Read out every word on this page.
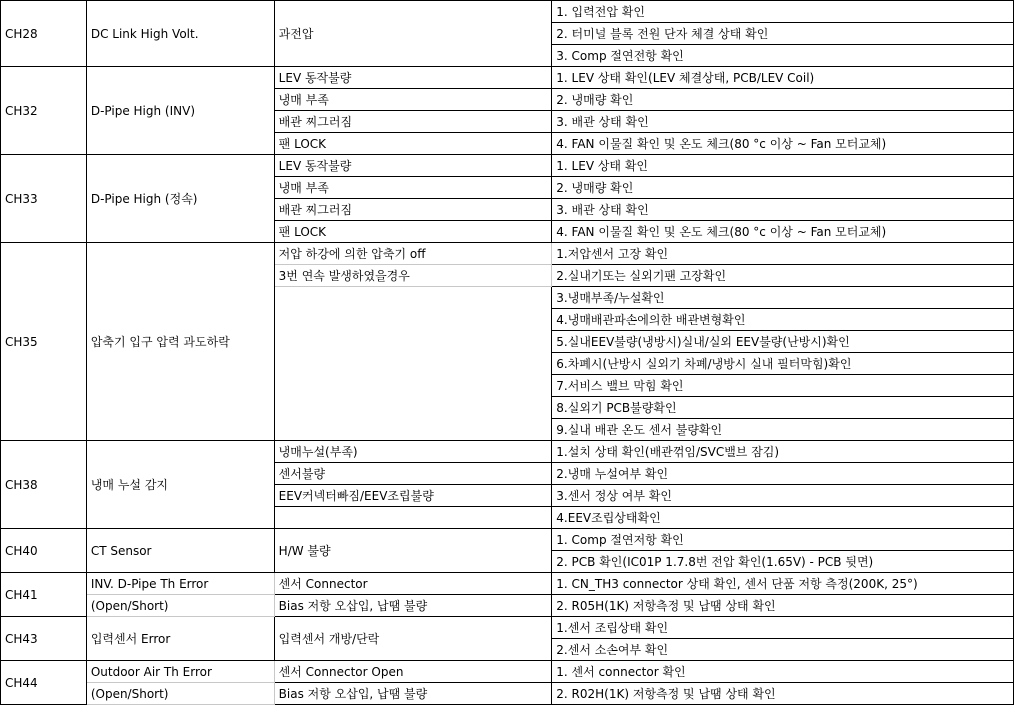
CH28	DC Link High Volt.	과전압	1. 입력전압 확인
			2. 터미널 블록 전원 단자 체결 상태 확인
			3. Comp 절연전항 확인
CH32	D-Pipe High (INV)	LEV 동작불량	1. LEV 상태 확인(LEV 체결상태, PCB/LEV Coil)
		냉매 부족	2. 냉매량 확인
		배관 찌그러짐	3. 배관 상태 확인
		팬 LOCK	4. FAN 이물질 확인 및 온도 체크(80 °c 이상 ~ Fan 모터교체)
CH33	D-Pipe High (정속)	LEV 동작불량	1. LEV 상태 확인
		냉매 부족	2. 냉매량 확인
		배관 찌그러짐	3. 배관 상태 확인
		팬 LOCK	4. FAN 이물질 확인 및 온도 체크(80 °c 이상 ~ Fan 모터교체)
CH35	압축기 입구 압력 과도하락	저압 하강에 의한 압축기 off	1.저압센서 고장 확인
		3번 연속 발생하였을경우	2.실내기또는 실외기팬 고장확인
			3.냉매부족/누설확인
			4.냉매배관파손에의한 배관변형확인
			5.실내EEV불량(냉방시)실내/실외 EEV불량(난방시)확인
			6.차폐시(난방시 실외기 차폐/냉방시 실내 필터막힘)확인
			7.서비스 밸브 막힘 확인
			8.실외기 PCB불량확인
			9.실내 배관 온도 센서 불량확인
CH38	냉매 누설 감지	냉매누설(부족)	1.설치 상태 확인(배관꺾임/SVC밸브 잠김)
		센서불량	2.냉매 누설여부 확인
		EEV커넥터빠짐/EEV조립불량	3.센서 정상 여부 확인
			4.EEV조립상태확인
CH40	CT Sensor	H/W 불량	1. Comp 절연저항 확인
			2. PCB 확인(IC01P 1.7.8번 전압 확인(1.65V) - PCB 뒷면)
CH41	INV. D-Pipe Th Error	센서 Connector	1. CN_TH3 connector 상태 확인, 센서 단품 저항 측정(200K, 25°)
	(Open/Short)	Bias 저항 오삽입, 납땜 불량	2. R05H(1K) 저항측정 및 납땜 상태 확인
CH43	입력센서 Error	입력센서 개방/단락	1.센서 조립상태 확인
			2.센서 소손여부 확인
CH44	Outdoor Air Th Error	센서 Connector Open	1. 센서 connector 확인
	(Open/Short)	Bias 저항 오삽입, 납땜 불량	2. R02H(1K) 저항측정 및 납땜 상태 확인
